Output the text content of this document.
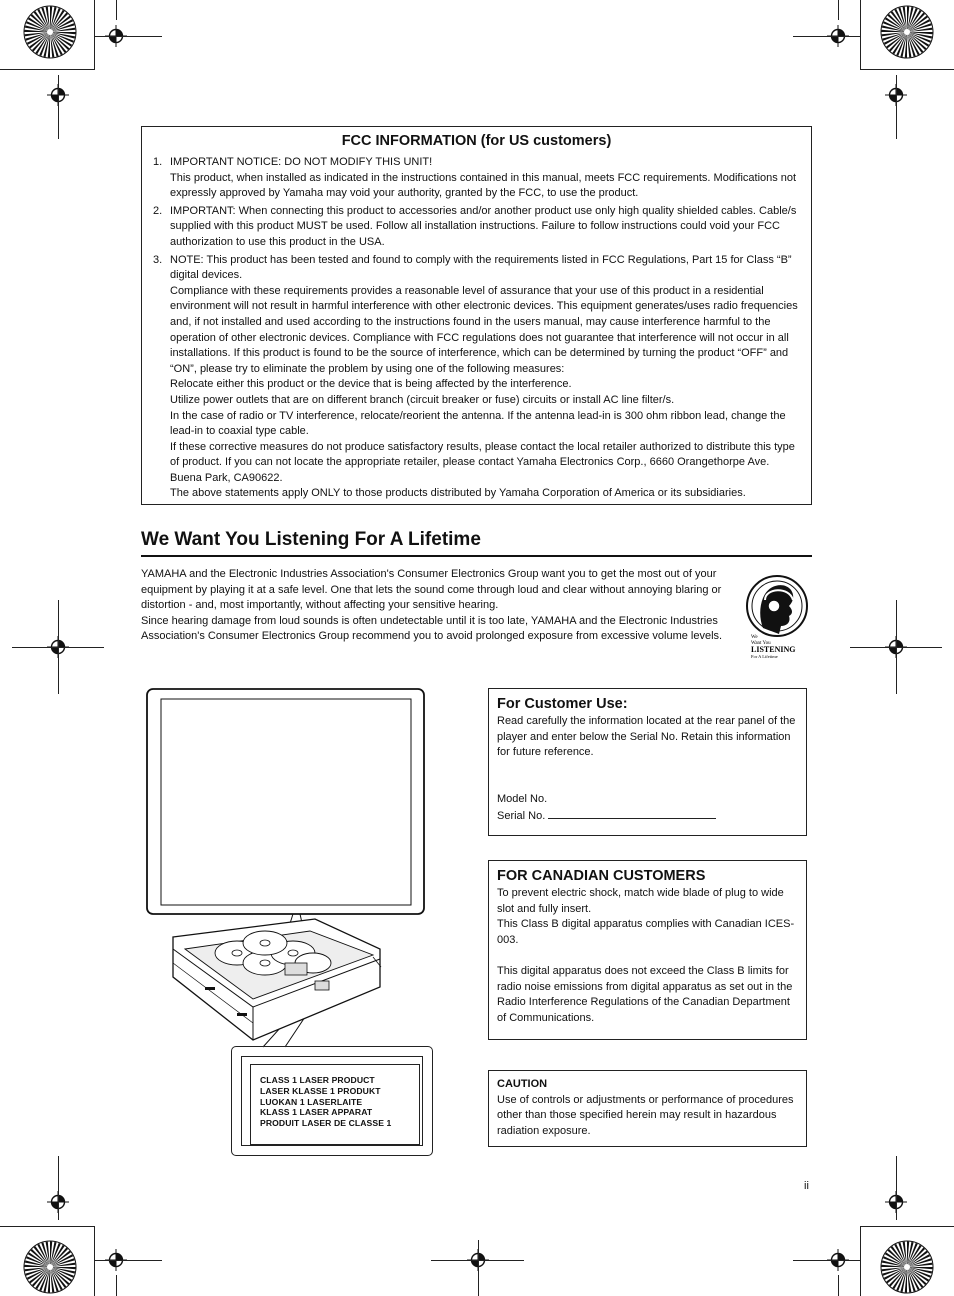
FCC INFORMATION (for US customers)
1. IMPORTANT NOTICE: DO NOT MODIFY THIS UNIT!

This product, when installed as indicated in the instructions contained in this manual, meets FCC requirements. Modifications not expressly approved by Yamaha may void your authority, granted by the FCC, to use the product.

2. IMPORTANT: When connecting this product to accessories and/or another product use only high quality shielded cables. Cable/s supplied with this product MUST be used. Follow all installation instructions. Failure to follow instructions could void your FCC authorization to use this product in the USA.

3. NOTE: This product has been tested and found to comply with the requirements listed in FCC Regulations, Part 15 for Class “B” digital devices.

Compliance with these requirements provides a reasonable level of assurance that your use of this product in a residential environment will not result in harmful interference with other electronic devices. This equipment generates/uses radio frequencies and, if not installed and used according to the instructions found in the users manual, may cause interference harmful to the operation of other electronic devices. Compliance with FCC regulations does not guarantee that interference will not occur in all installations. If this product is found to be the source of interference, which can be determined by turning the product “OFF” and “ON”, please try to eliminate the problem by using one of the following measures:

Relocate either this product or the device that is being affected by the interference.

Utilize power outlets that are on different branch (circuit breaker or fuse) circuits or install AC line filter/s.

In the case of radio or TV interference, relocate/reorient the antenna. If the antenna lead-in is 300 ohm ribbon lead, change the lead-in to coaxial type cable.

If these corrective measures do not produce satisfactory results, please contact the local retailer authorized to distribute this type of product. If you can not locate the appropriate retailer, please contact Yamaha Electronics Corp., 6660 Orangethorpe Ave. Buena Park, CA90622.

The above statements apply ONLY to those products distributed by Yamaha Corporation of America or its subsidiaries.

We Want You Listening For A Lifetime

YAMAHA and the Electronic Industries Association's Consumer Electronics Group want you to get the most out of your equipment by playing it at a safe level. One that lets the sound come through loud and clear without annoying blaring or distortion - and, most importantly, without affecting your sensitive hearing.

Since hearing damage from loud sounds is often undetectable until it is too late, YAMAHA and the Electronic Industries Association's Consumer Electronics Group recommend you to avoid prolonged exposure from excessive volume levels.	We
Want You
LISTENING
For A Lifetime
CLASS 1 LASER PRODUCT
LASER KLASSE 1 PRODUKT
LUOKAN 1 LASERLAITE
KLASS 1 LASER APPARAT
PRODUIT LASER DE CLASSE 1
For Customer Use:

Read carefully the information located at the rear panel of the player and enter below the Serial No. Retain this information for future reference.

Model No.

Serial No.

FOR CANADIAN CUSTOMERS

To prevent electric shock, match wide blade of plug to wide slot and fully insert.

This Class B digital apparatus complies with Canadian ICES-003.

This digital apparatus does not exceed the Class B limits for radio noise emissions from digital apparatus as set out in the Radio Interference Regulations of the Canadian Department of Communications.

CAUTION

Use of controls or adjustments or performance of procedures other than those specified herein may result in hazardous radiation exposure.

ii
